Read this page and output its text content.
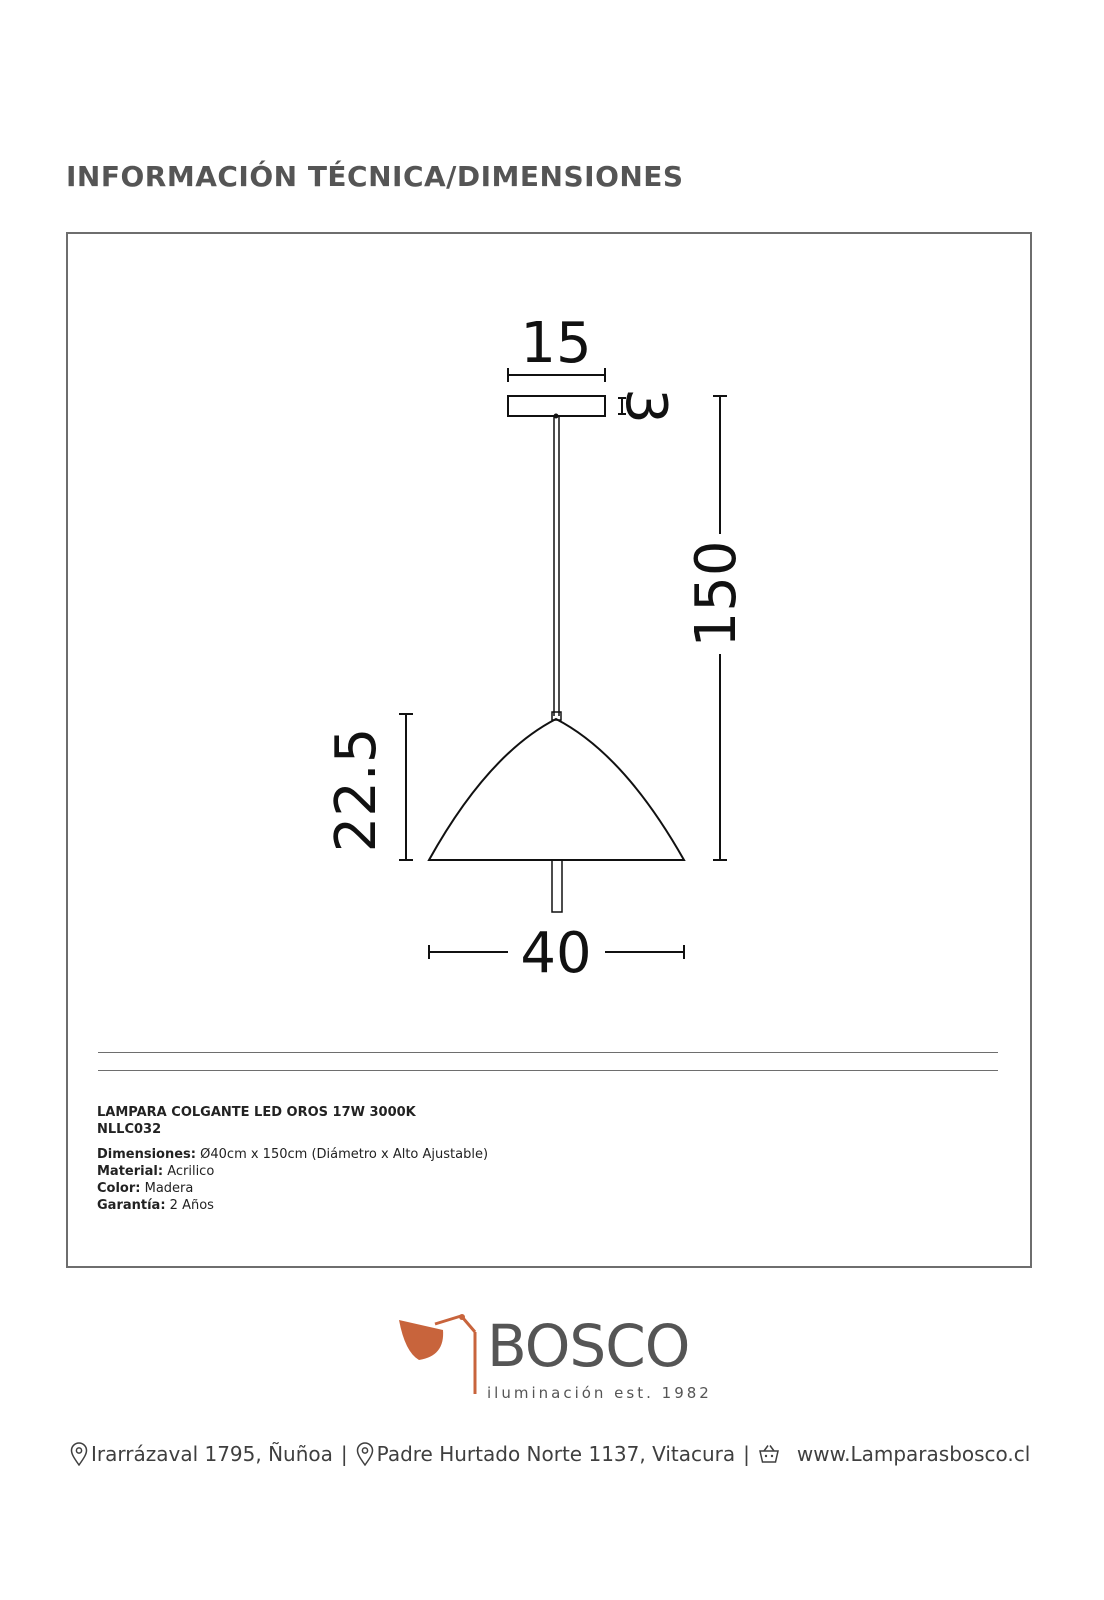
INFORMACIÓN TÉCNICA/DIMENSIONES
15
3
150
22.5
40
LAMPARA COLGANTE LED OROS 17W 3000K
NLLC032
Dimensiones: Ø40cm x 150cm (Diámetro x Alto Ajustable)
Material: Acrilico
Color: Madera
Garantía: 2 Años
BOSCO
iluminación est. 1982
Irarrázaval 1795, Ñuñoa | Padre Hurtado Norte 1137, Vitacura | www.Lamparasbosco.cl
